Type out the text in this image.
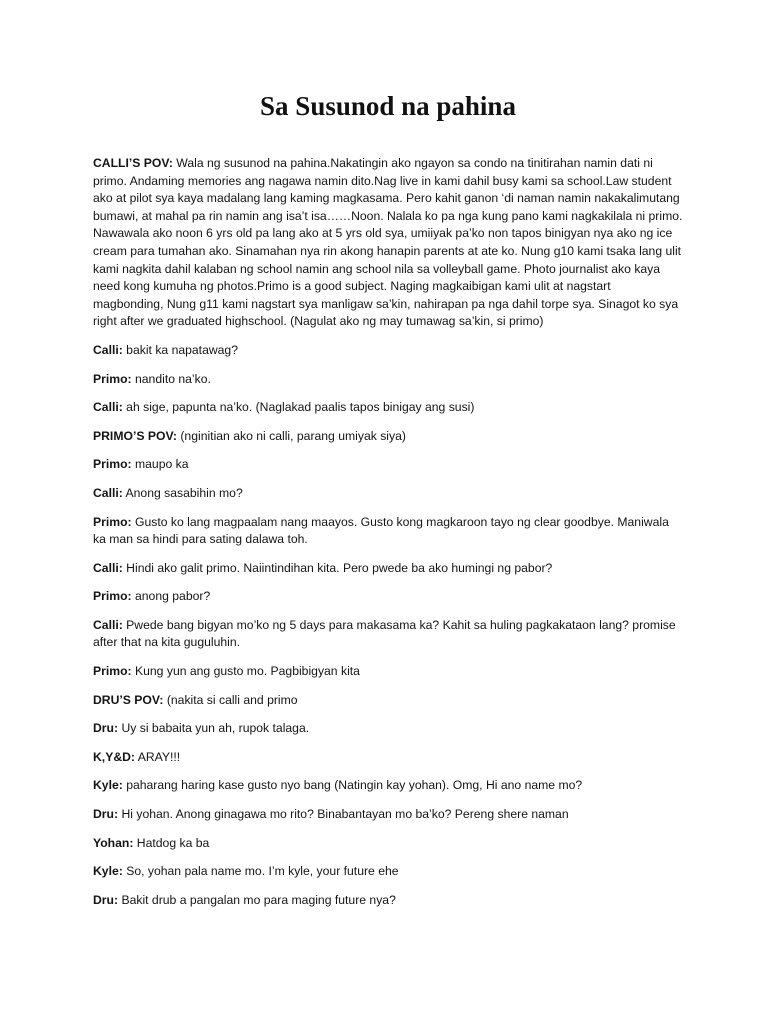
Sa Susunod na pahina

CALLI’S POV: Wala ng susunod na pahina.Nakatingin ako ngayon sa condo na tinitirahan namin dati ni primo. Andaming memories ang nagawa namin dito.Nag live in kami dahil busy kami sa school.Law student ako at pilot sya kaya madalang lang kaming magkasama. Pero kahit ganon ‘di naman namin nakakalimutang bumawi, at mahal pa rin namin ang isa’t isa……Noon. Nalala ko pa nga kung pano kami nagkakilala ni primo. Nawawala ako noon 6 yrs old pa lang ako at 5 yrs old sya, umiiyak pa’ko non tapos binigyan nya ako ng ice cream para tumahan ako. Sinamahan nya rin akong hanapin parents at ate ko. Nung g10 kami tsaka lang ulit kami nagkita dahil kalaban ng school namin ang school nila sa volleyball game. Photo journalist ako kaya need kong kumuha ng photos.Primo is a good subject. Naging magkaibigan kami ulit at nagstart magbonding, Nung g11 kami nagstart sya manligaw sa’kin, nahirapan pa nga dahil torpe sya. Sinagot ko sya right after we graduated highschool. (Nagulat ako ng may tumawag sa’kin, si primo)

Calli: bakit ka napatawag?

Primo: nandito na’ko.

Calli: ah sige, papunta na’ko. (Naglakad paalis tapos binigay ang susi)

PRIMO’S POV: (nginitian ako ni calli, parang umiyak siya)

Primo: maupo ka

Calli: Anong sasabihin mo?

Primo: Gusto ko lang magpaalam nang maayos. Gusto kong magkaroon tayo ng clear goodbye. Maniwala ka man sa hindi para sating dalawa toh.

Calli: Hindi ako galit primo. Naiintindihan kita. Pero pwede ba ako humingi ng pabor?

Primo: anong pabor?

Calli: Pwede bang bigyan mo’ko ng 5 days para makasama ka? Kahit sa huling pagkakataon lang? promise after that na kita guguluhin.

Primo: Kung yun ang gusto mo. Pagbibigyan kita

DRU’S POV: (nakita si calli and primo

Dru: Uy si babaita yun ah, rupok talaga.

K,Y&D: ARAY!!!

Kyle: paharang haring kase gusto nyo bang (Natingin kay yohan). Omg, Hi ano name mo?

Dru: Hi yohan. Anong ginagawa mo rito? Binabantayan mo ba’ko? Pereng shere naman

Yohan: Hatdog ka ba

Kyle: So, yohan pala name mo. I’m kyle, your future ehe

Dru: Bakit drub a pangalan mo para maging future nya?
